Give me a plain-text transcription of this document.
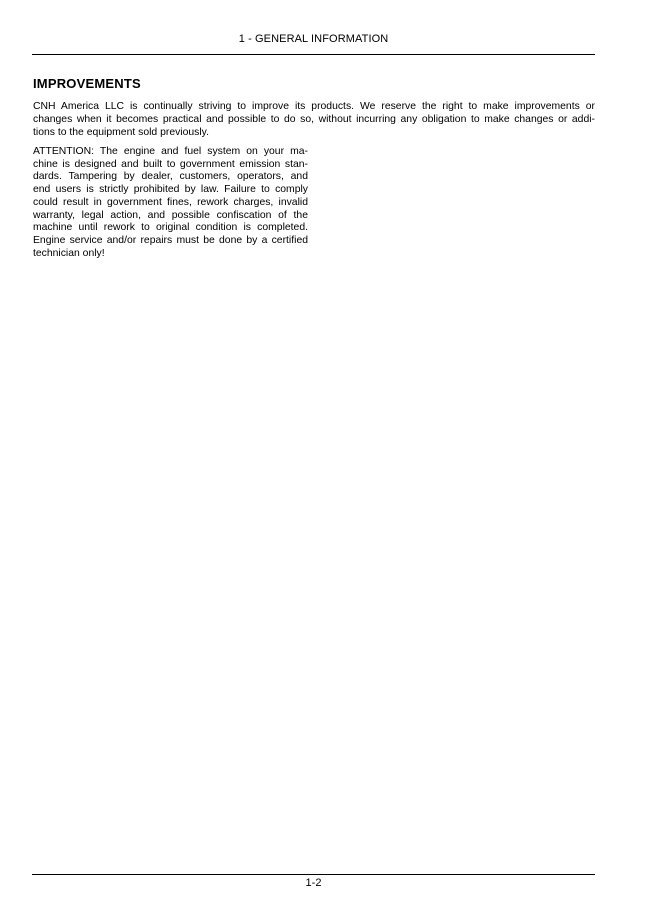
1 - GENERAL INFORMATION
IMPROVEMENTS
CNH America LLC is continually striving to improve its products. We reserve the right to make improvements or
changes when it becomes practical and possible to do so, without incurring any obligation to make changes or addi-
tions to the equipment sold previously.
ATTENTION: The engine and fuel system on your ma-
chine is designed and built to government emission stan-
dards. Tampering by dealer, customers, operators, and
end users is strictly prohibited by law. Failure to comply
could result in government fines, rework charges, invalid
warranty, legal action, and possible confiscation of the
machine until rework to original condition is completed.
Engine service and/or repairs must be done by a certified
technician only!
1-2
